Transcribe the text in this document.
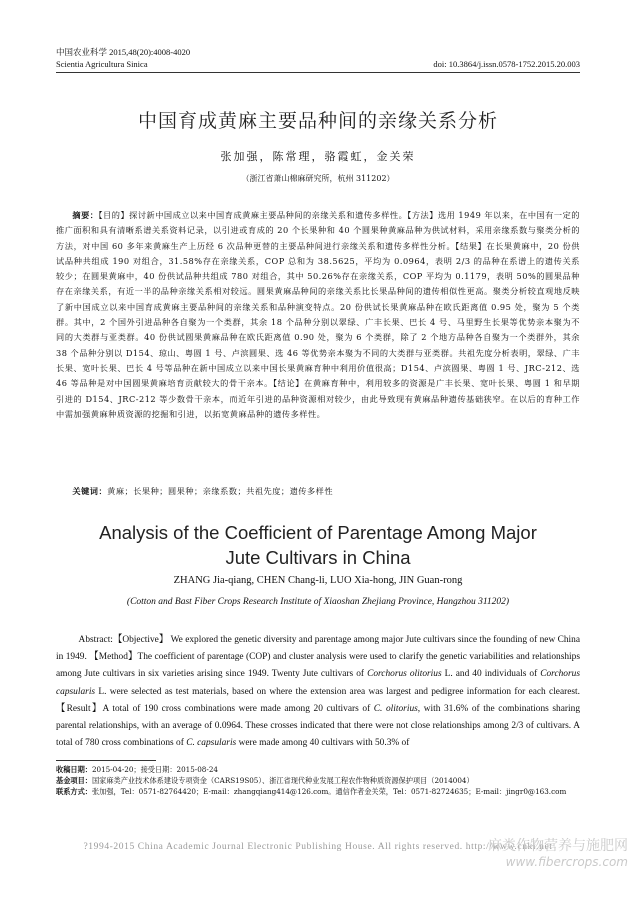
中国农业科学 2015,48(20):4008-4020
Scientia Agricultura Sinica	doi: 10.3864/j.issn.0578-1752.2015.20.003
中国育成黄麻主要品种间的亲缘关系分析
张加强，陈常理，骆霞虹，金关荣
（浙江省萧山棉麻研究所，杭州 311202）
摘要：【目的】探讨新中国成立以来中国育成黄麻主要品种间的亲缘关系和遗传多样性。【方法】选用 1949 年以来，在中国有一定的推广面积和具有清晰系谱关系资料记录，以引进或育成的 20 个长果种和 40 个圆果种黄麻品种为供试材料，采用亲缘系数与聚类分析的方法，对中国 60 多年来黄麻生产上历经 6 次品种更替的主要品种间进行亲缘关系和遗传多样性分析。【结果】在长果黄麻中，20 份供试品种共组成 190 对组合，31.58%存在亲缘关系，COP 总和为 38.5625，平均为 0.0964，表明 2/3 的品种在系谱上的遗传关系较少；在圆果黄麻中，40 份供试品种共组成 780 对组合，其中 50.26%存在亲缘关系，COP 平均为 0.1179，表明 50%的圆果品种存在亲缘关系，有近一半的品种亲缘关系相对较远。圆果黄麻品种间的亲缘关系比长果品种间的遗传相似性更高。聚类分析较直观地反映了新中国成立以来中国育成黄麻主要品种间的亲缘关系和品种演变特点。20 份供试长果黄麻品种在欧氏距离值 0.95 处，聚为 5 个类群。其中，2 个国外引进品种各自聚为一个类群，其余 18 个品种分别以翠绿、广丰长果、巴长 4 号、马里野生长果等优势亲本聚为不同的大类群与亚类群。40 份供试圆果黄麻品种在欧氏距离值 0.90 处，聚为 6 个类群，除了 2 个地方品种各自聚为一个类群外，其余 38 个品种分别以 D154、琼山、粤圆 1 号、卢滨圆果、选 46 等优势亲本聚为不同的大类群与亚类群。共祖先度分析表明，翠绿、广丰长果、宽叶长果、巴长 4 号等品种在新中国成立以来中国长果黄麻育种中利用价值很高；D154、卢滨圆果、粤圆 1 号、JRC-212、选 46 等品种是对中国圆果黄麻培育贡献较大的骨干亲本。【结论】在黄麻育种中，利用较多的资源是广丰长果、宽叶长果、粤圆 1 和早期引进的 D154、JRC-212 等少数骨干亲本，而近年引进的品种资源相对较少，由此导致现有黄麻品种遗传基础狭窄。在以后的育种工作中需加强黄麻种质资源的挖掘和引进，以拓宽黄麻品种的遗传多样性。
关键词：黄麻；长果种；圆果种；亲缘系数；共祖先度；遗传多样性
Analysis of the Coefficient of Parentage Among Major
Jute Cultivars in China
ZHANG Jia-qiang, CHEN Chang-li, LUO Xia-hong, JIN Guan-rong
(Cotton and Bast Fiber Crops Research Institute of Xiaoshan Zhejiang Province, Hangzhou 311202)
Abstract:【Objective】 We explored the genetic diversity and parentage among major Jute cultivars since the founding of new China in 1949. 【Method】The coefficient of parentage (COP) and cluster analysis were used to clarify the genetic variabilities and relationships among Jute cultivars in six varieties arising since 1949. Twenty Jute cultivars of Corchorus olitorius L. and 40 individuals of Corchorus capsularis L. were selected as test materials, based on where the extension area was largest and pedigree information for each clearest.【Result】A total of 190 cross combinations were made among 20 cultivars of C. olitorius, with 31.6% of the combinations sharing parental relationships, with an average of 0.0964. These crosses indicated that there were not close relationships among 2/3 of cultivars. A total of 780 cross combinations of C. capsularis were made among 40 cultivars with 50.3% of
收稿日期：2015-04-20；接受日期：2015-08-24
基金项目：国家麻类产业技术体系建设专项资金（CARS19S05）、浙江省现代种业发展工程农作物种质资源保护项目（2014004）
联系方式：张加强，Tel：0571-82764420；E-mail：zhangqiang414@126.com。通信作者金关荣，Tel：0571-82724635；E-mail：jingr0@163.com
?1994-2015 China Academic Journal Electronic Publishing House. All rights reserved. http://www.cnki.net
麻类作物营养与施肥网
www.fibercrops.com
